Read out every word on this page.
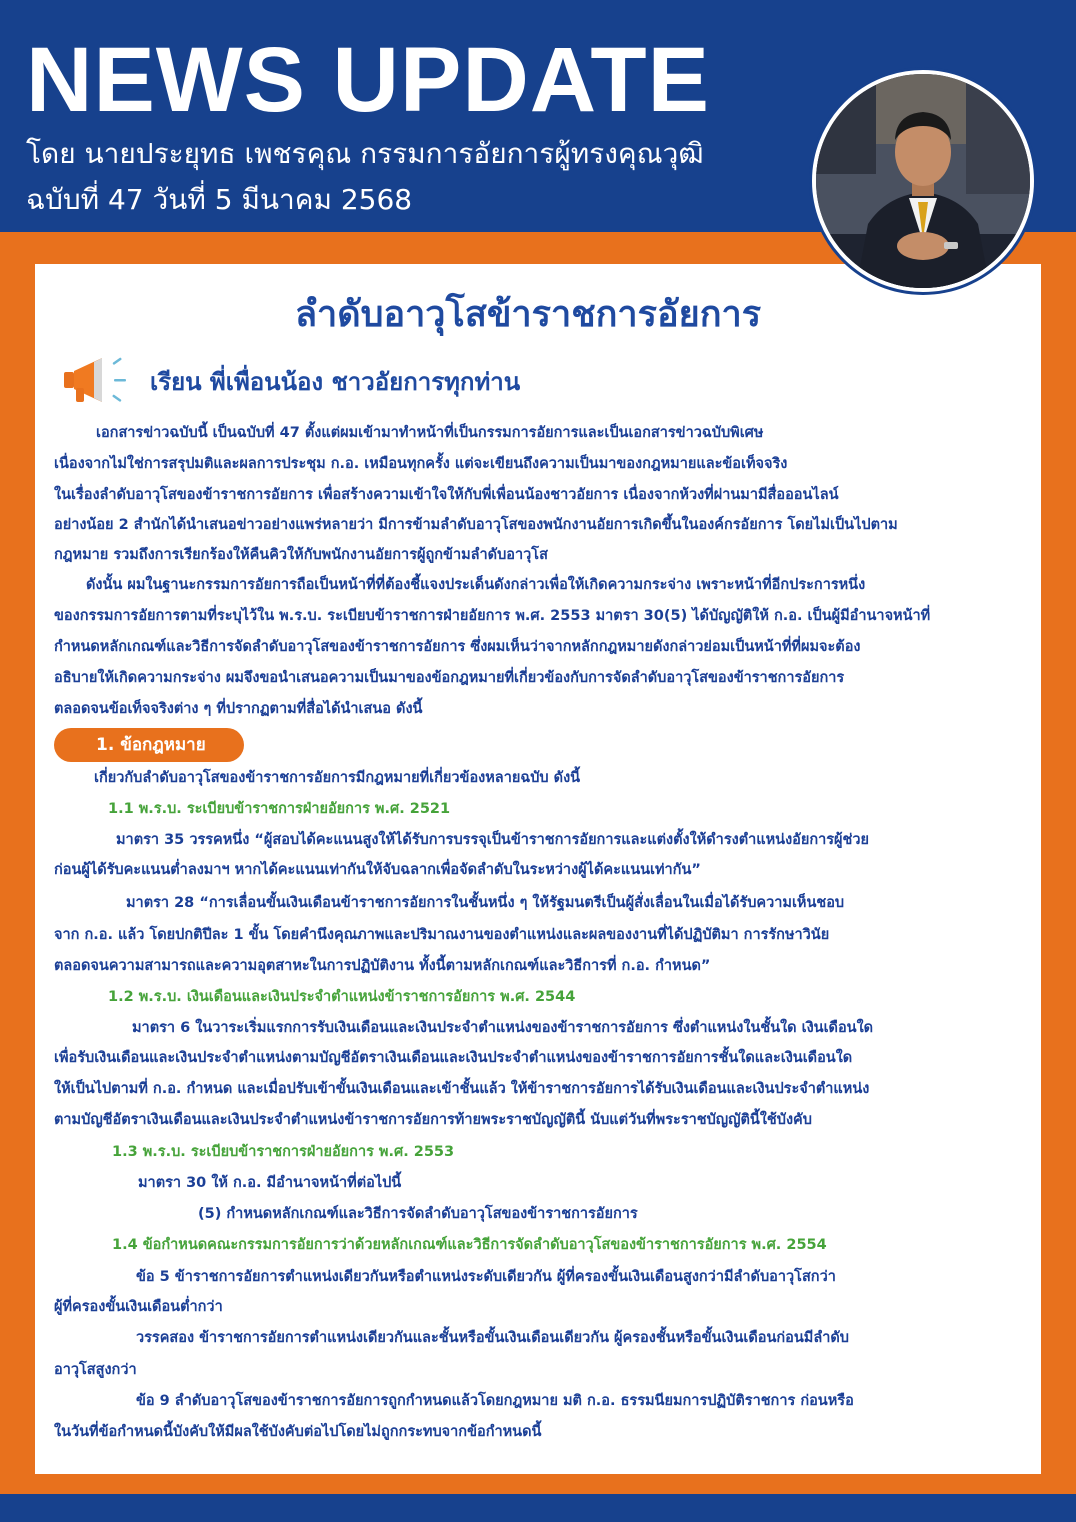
NEWS UPDATE
โดย นายประยุทธ เพชรคุณ กรรมการอัยการผู้ทรงคุณวุฒิ
ฉบับที่ 47 วันที่ 5 มีนาคม 2568
ลำดับอาวุโสข้าราชการอัยการ
เรียน พี่เพื่อนน้อง ชาวอัยการทุกท่าน
เอกสารข่าวฉบับนี้ เป็นฉบับที่ 47 ตั้งแต่ผมเข้ามาทำหน้าที่เป็นกรรมการอัยการและเป็นเอกสารข่าวฉบับพิเศษ
เนื่องจากไม่ใช่การสรุปมติและผลการประชุม ก.อ. เหมือนทุกครั้ง แต่จะเขียนถึงความเป็นมาของกฎหมายและข้อเท็จจริง
ในเรื่องลำดับอาวุโสของข้าราชการอัยการ เพื่อสร้างความเข้าใจให้กับพี่เพื่อนน้องชาวอัยการ เนื่องจากห้วงที่ผ่านมามีสื่อออนไลน์
อย่างน้อย 2 สำนักได้นำเสนอข่าวอย่างแพร่หลายว่า มีการข้ามลำดับอาวุโสของพนักงานอัยการเกิดขึ้นในองค์กรอัยการ โดยไม่เป็นไปตาม
กฎหมาย รวมถึงการเรียกร้องให้คืนคิวให้กับพนักงานอัยการผู้ถูกข้ามลำดับอาวุโส
ดังนั้น ผมในฐานะกรรมการอัยการถือเป็นหน้าที่ที่ต้องชี้แจงประเด็นดังกล่าวเพื่อให้เกิดความกระจ่าง เพราะหน้าที่อีกประการหนึ่ง
ของกรรมการอัยการตามที่ระบุไว้ใน พ.ร.บ. ระเบียบข้าราชการฝ่ายอัยการ พ.ศ. 2553 มาตรา 30(5) ได้บัญญัติให้ ก.อ. เป็นผู้มีอำนาจหน้าที่
กำหนดหลักเกณฑ์และวิธีการจัดลำดับอาวุโสของข้าราชการอัยการ ซึ่งผมเห็นว่าจากหลักกฎหมายดังกล่าวย่อมเป็นหน้าที่ที่ผมจะต้อง
อธิบายให้เกิดความกระจ่าง ผมจึงขอนำเสนอความเป็นมาของข้อกฎหมายที่เกี่ยวข้องกับการจัดลำดับอาวุโสของข้าราชการอัยการ
ตลอดจนข้อเท็จจริงต่าง ๆ ที่ปรากฏตามที่สื่อได้นำเสนอ ดังนี้
1. ข้อกฎหมาย
เกี่ยวกับลำดับอาวุโสของข้าราชการอัยการมีกฎหมายที่เกี่ยวข้องหลายฉบับ ดังนี้
1.1 พ.ร.บ. ระเบียบข้าราชการฝ่ายอัยการ พ.ศ. 2521
มาตรา 35 วรรคหนึ่ง “ผู้สอบได้คะแนนสูงให้ได้รับการบรรจุเป็นข้าราชการอัยการและแต่งตั้งให้ดำรงตำแหน่งอัยการผู้ช่วย
ก่อนผู้ได้รับคะแนนต่ำลงมาฯ หากได้คะแนนเท่ากันให้จับฉลากเพื่อจัดลำดับในระหว่างผู้ได้คะแนนเท่ากัน”
มาตรา 28 “การเลื่อนขั้นเงินเดือนข้าราชการอัยการในชั้นหนึ่ง ๆ ให้รัฐมนตรีเป็นผู้สั่งเลื่อนในเมื่อได้รับความเห็นชอบ
จาก ก.อ. แล้ว โดยปกติปีละ 1 ขั้น โดยคำนึงคุณภาพและปริมาณงานของตำแหน่งและผลของงานที่ได้ปฏิบัติมา การรักษาวินัย
ตลอดจนความสามารถและความอุตสาหะในการปฏิบัติงาน ทั้งนี้ตามหลักเกณฑ์และวิธีการที่ ก.อ. กำหนด”
1.2 พ.ร.บ. เงินเดือนและเงินประจำตำแหน่งข้าราชการอัยการ พ.ศ. 2544
มาตรา 6 ในวาระเริ่มแรกการรับเงินเดือนและเงินประจำตำแหน่งของข้าราชการอัยการ ซึ่งตำแหน่งในชั้นใด เงินเดือนใด
เพื่อรับเงินเดือนและเงินประจำตำแหน่งตามบัญชีอัตราเงินเดือนและเงินประจำตำแหน่งของข้าราชการอัยการชั้นใดและเงินเดือนใด
ให้เป็นไปตามที่ ก.อ. กำหนด และเมื่อปรับเข้าขั้นเงินเดือนและเข้าชั้นแล้ว ให้ข้าราชการอัยการได้รับเงินเดือนและเงินประจำตำแหน่ง
ตามบัญชีอัตราเงินเดือนและเงินประจำตำแหน่งข้าราชการอัยการท้ายพระราชบัญญัตินี้ นับแต่วันที่พระราชบัญญัตินี้ใช้บังคับ
1.3 พ.ร.บ. ระเบียบข้าราชการฝ่ายอัยการ พ.ศ. 2553
มาตรา 30 ให้ ก.อ. มีอำนาจหน้าที่ต่อไปนี้
(5) กำหนดหลักเกณฑ์และวิธีการจัดลำดับอาวุโสของข้าราชการอัยการ
1.4 ข้อกำหนดคณะกรรมการอัยการว่าด้วยหลักเกณฑ์และวิธีการจัดลำดับอาวุโสของข้าราชการอัยการ พ.ศ. 2554
ข้อ 5 ข้าราชการอัยการตำแหน่งเดียวกันหรือตำแหน่งระดับเดียวกัน ผู้ที่ครองขั้นเงินเดือนสูงกว่ามีลำดับอาวุโสกว่า
ผู้ที่ครองขั้นเงินเดือนต่ำกว่า
วรรคสอง ข้าราชการอัยการตำแหน่งเดียวกันและชั้นหรือขั้นเงินเดือนเดียวกัน ผู้ครองชั้นหรือขั้นเงินเดือนก่อนมีลำดับ
อาวุโสสูงกว่า
ข้อ 9 ลำดับอาวุโสของข้าราชการอัยการถูกกำหนดแล้วโดยกฎหมาย มติ ก.อ. ธรรมนียมการปฏิบัติราชการ ก่อนหรือ
ในวันที่ข้อกำหนดนี้บังคับให้มีผลใช้บังคับต่อไปโดยไม่ถูกกระทบจากข้อกำหนดนี้
